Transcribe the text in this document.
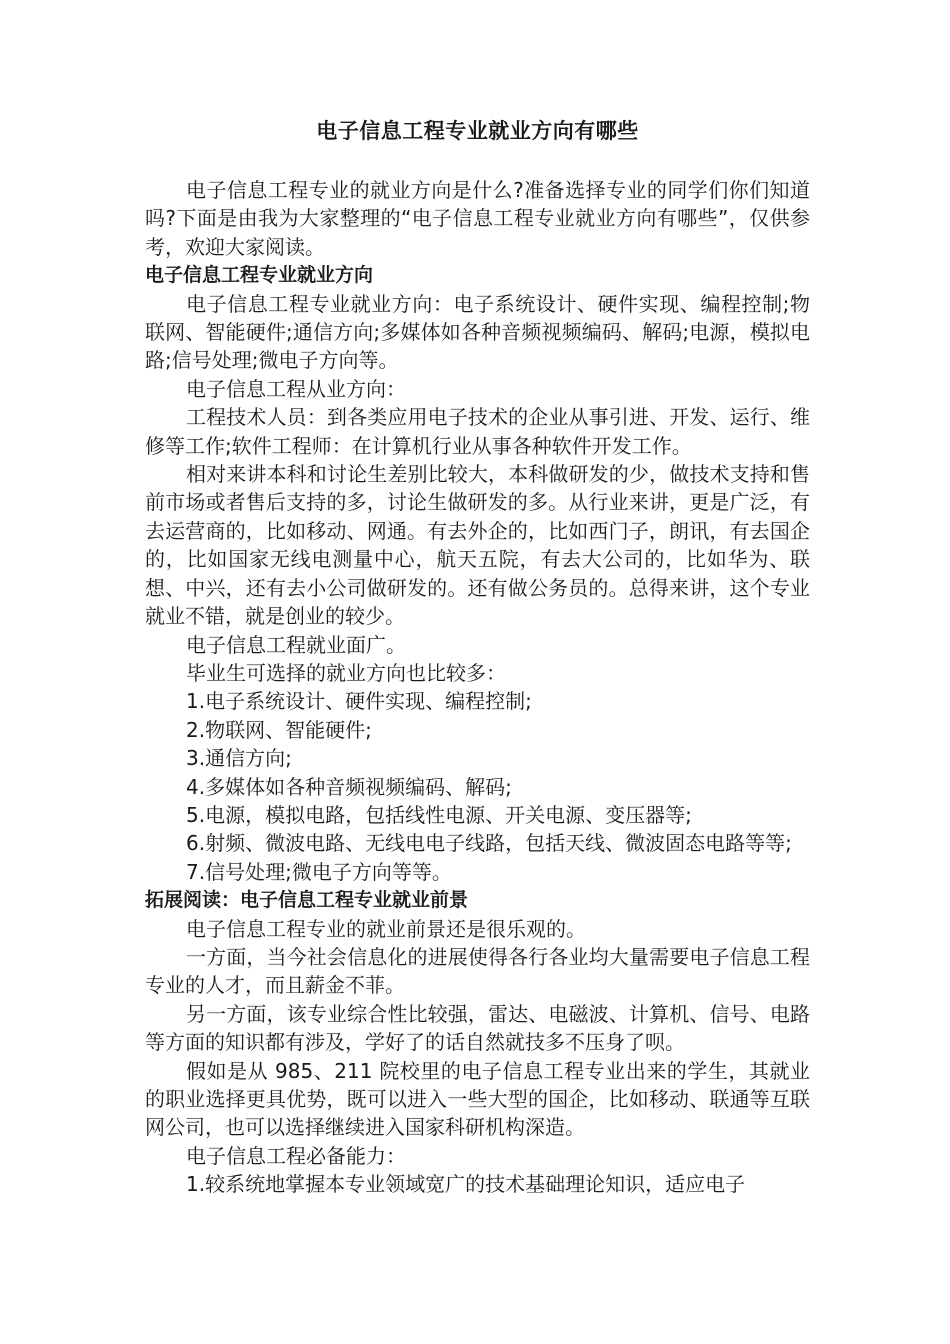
电子信息工程专业就业方向有哪些

电子信息工程专业的就业方向是什么?准备选择专业的同学们你们知道吗?下面是由我为大家整理的“电子信息工程专业就业方向有哪些”，仅供参考，欢迎大家阅读。

电子信息工程专业就业方向

电子信息工程专业就业方向：电子系统设计、硬件实现、编程控制;物联网、智能硬件;通信方向;多媒体如各种音频视频编码、解码;电源，模拟电路;信号处理;微电子方向等。

电子信息工程从业方向：

工程技术人员：到各类应用电子技术的企业从事引进、开发、运行、维修等工作;软件工程师：在计算机行业从事各种软件开发工作。

相对来讲本科和讨论生差别比较大，本科做研发的少，做技术支持和售前市场或者售后支持的多，讨论生做研发的多。从行业来讲，更是广泛，有去运营商的，比如移动、网通。有去外企的，比如西门子，朗讯，有去国企的，比如国家无线电测量中心，航天五院，有去大公司的，比如华为、联想、中兴，还有去小公司做研发的。还有做公务员的。总得来讲，这个专业就业不错，就是创业的较少。

电子信息工程就业面广。

毕业生可选择的就业方向也比较多：

1.电子系统设计、硬件实现、编程控制;

2.物联网、智能硬件;

3.通信方向;

4.多媒体如各种音频视频编码、解码;

5.电源，模拟电路，包括线性电源、开关电源、变压器等;

6.射频、微波电路、无线电电子线路，包括天线、微波固态电路等等;

7.信号处理;微电子方向等等。

拓展阅读：电子信息工程专业就业前景

电子信息工程专业的就业前景还是很乐观的。

一方面，当今社会信息化的进展使得各行各业均大量需要电子信息工程专业的人才，而且薪金不菲。

另一方面，该专业综合性比较强，雷达、电磁波、计算机、信号、电路等方面的知识都有涉及，学好了的话自然就技多不压身了呗。

假如是从 985、211 院校里的电子信息工程专业出来的学生，其就业的职业选择更具优势，既可以进入一些大型的国企，比如移动、联通等互联网公司，也可以选择继续进入国家科研机构深造。

电子信息工程必备能力：

1.较系统地掌握本专业领域宽广的技术基础理论知识，适应电子
